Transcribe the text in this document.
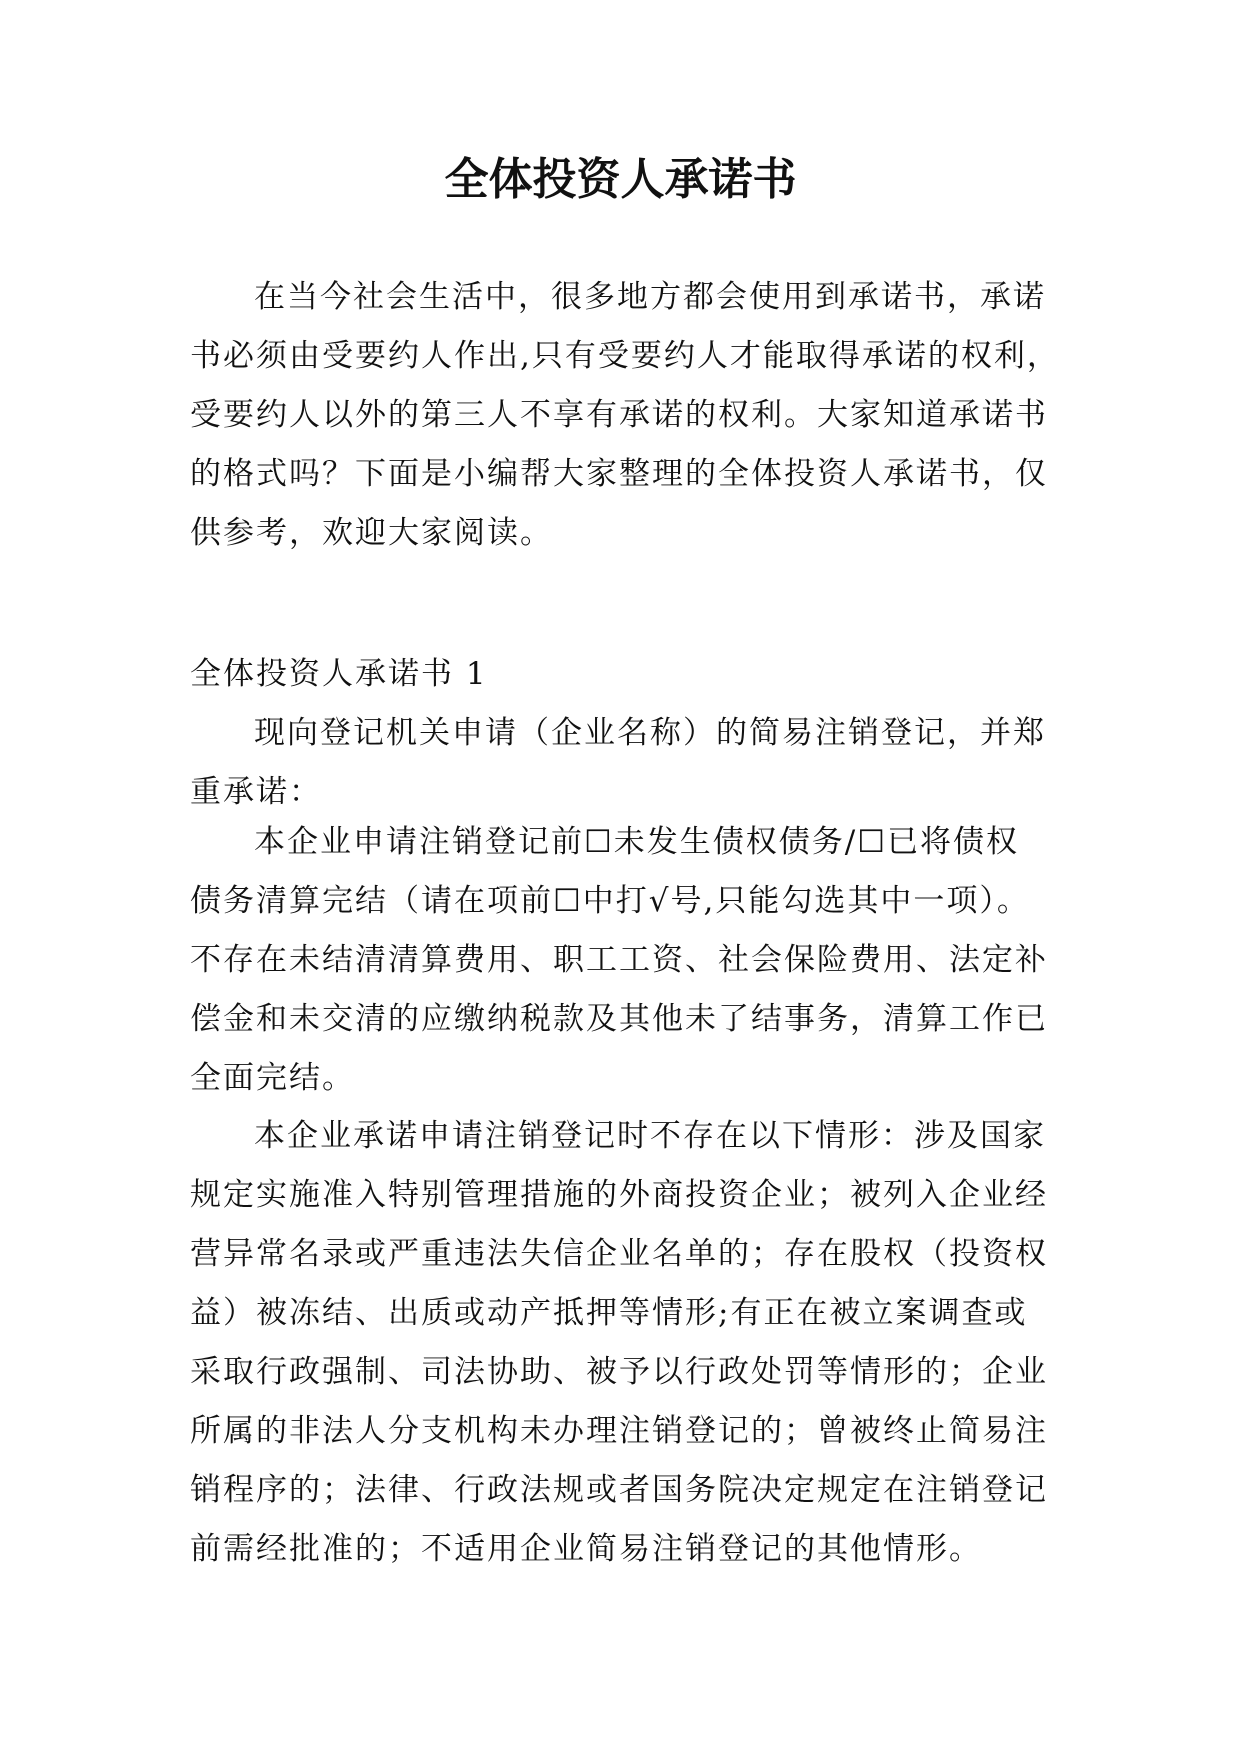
全体投资人承诺书
在当今社会生活中，很多地方都会使用到承诺书，承诺
书必须由受要约人作出,只有受要约人才能取得承诺的权利，
受要约人以外的第三人不享有承诺的权利。大家知道承诺书
的格式吗？下面是小编帮大家整理的全体投资人承诺书，仅
供参考，欢迎大家阅读。
全体投资人承诺书 1
现向登记机关申请（企业名称）的简易注销登记，并郑
重承诺：
本企业申请注销登记前☐未发生债权债务/☐已将债权
债务清算完结（请在项前☐中打√号,只能勾选其中一项）。
不存在未结清清算费用、职工工资、社会保险费用、法定补
偿金和未交清的应缴纳税款及其他未了结事务，清算工作已
全面完结。
本企业承诺申请注销登记时不存在以下情形：涉及国家
规定实施准入特别管理措施的外商投资企业；被列入企业经
营异常名录或严重违法失信企业名单的；存在股权（投资权
益）被冻结、出质或动产抵押等情形;有正在被立案调查或
采取行政强制、司法协助、被予以行政处罚等情形的；企业
所属的非法人分支机构未办理注销登记的；曾被终止简易注
销程序的；法律、行政法规或者国务院决定规定在注销登记
前需经批准的；不适用企业简易注销登记的其他情形。
